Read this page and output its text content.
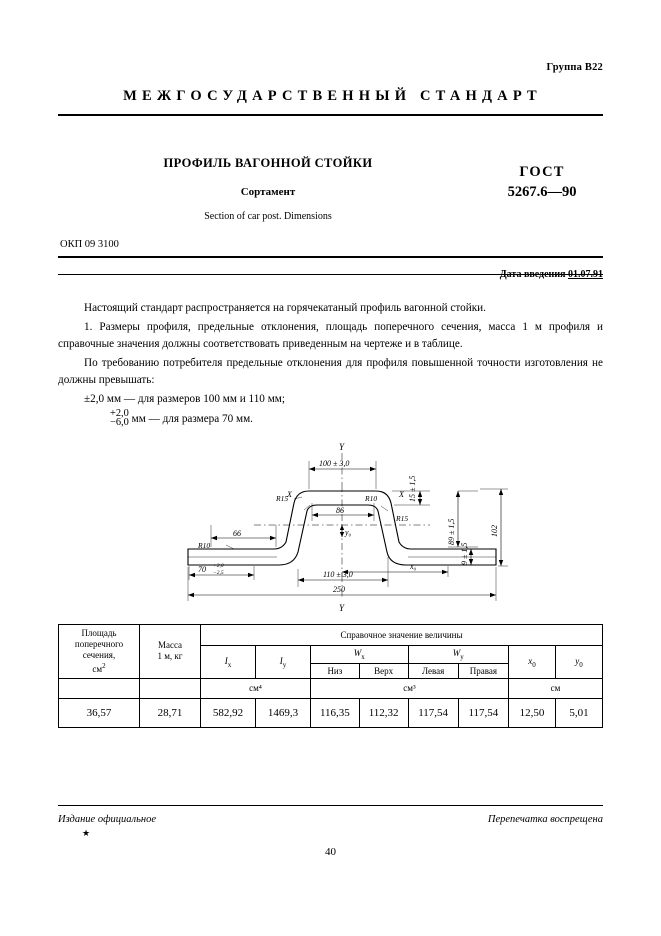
Группа В22
МЕЖГОСУДАРСТВЕННЫЙ СТАНДАРТ
ПРОФИЛЬ ВАГОННОЙ СТОЙКИ
Сортамент
Section of car post. Dimensions
ГОСТ
5267.6—90
ОКП 09 3100

Настоящий стандарт распространяется на горячекатаный профиль вагонной стойки.

1. Размеры профиля, предельные отклонения, площадь поперечного сечения, масса 1 м профиля и справочные значения должны соответствовать приведенным на чертеже и в таблице.

По требованию потребителя предельные отклонения для профиля повышенной точности изготовления не должны превышать:

±2,0 мм — для размеров 100 мм и 110 мм;

+2,0
−6,0 мм — для размера 70 мм.

Y
Y
100 ± 3,0
110 ± 3,0
250
70 +2,0
−2,5
66
86
15 ± 1,5
9 ± 1,5
89 ± 1,5	102
R15	R10
R15
R10
X	X
y₀
x₀
Площадь
поперечного
сечения,
$см^2$	Масса
1 м, кг	Справочное значение величины							
		$I_х$	$I_у$	$W_х$		$W_у$		$x_0$	$y_0$
				Низ	Верх	Левая	Правая		
		см⁴		см³				см	
36,57	28,71	582,92	1469,3	116,35	112,32	117,54	117,54	12,50	5,01
Издание официальное
★
Перепечатка воспрещена
40
